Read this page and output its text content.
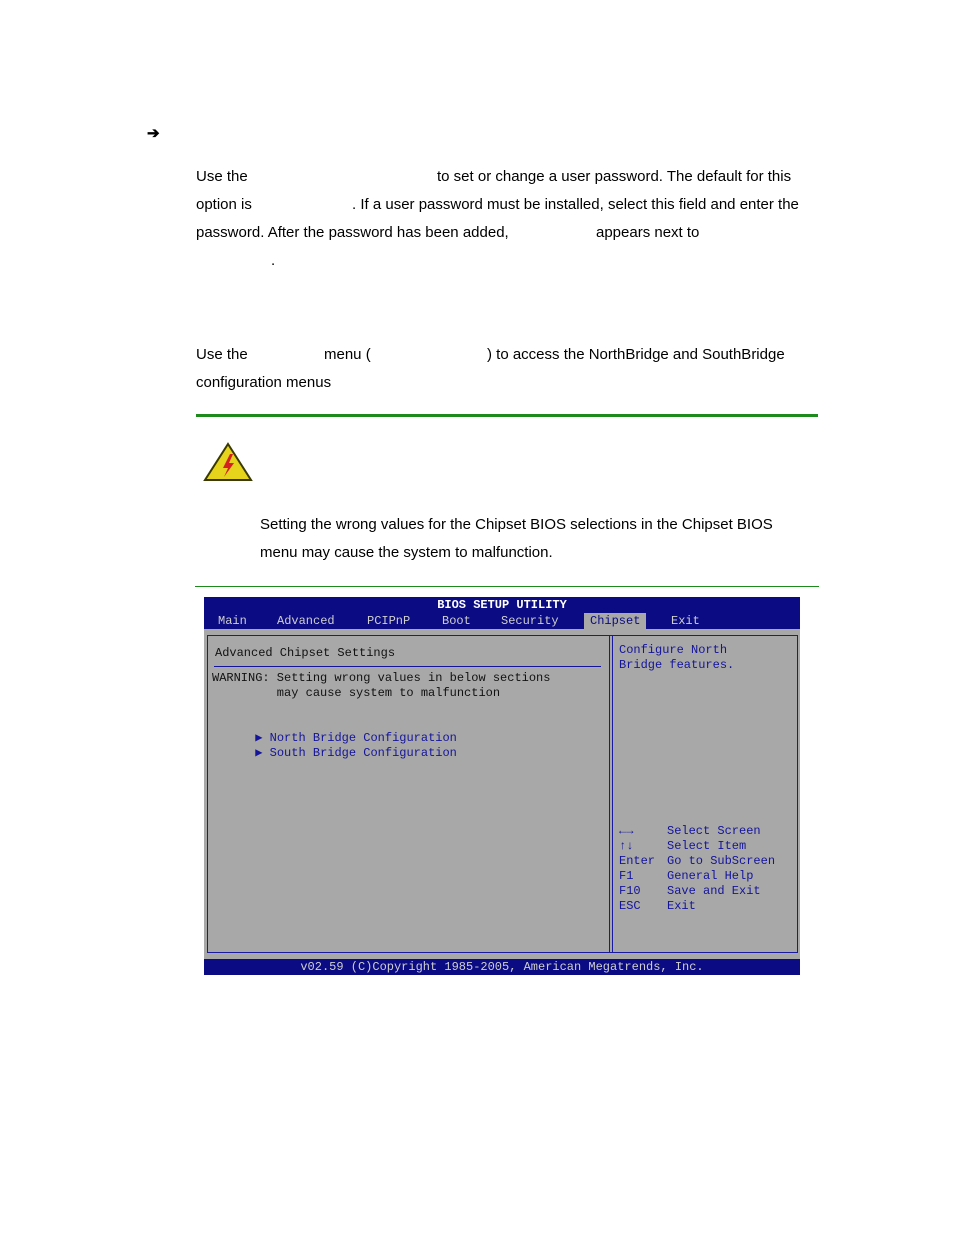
➔
Use the	to set or change a user password. The default for this
option is	. If a user password must be installed, select this field and enter the
password. After the password has been added,	appears next to
.
Use the	menu (	) to access the NorthBridge and SouthBridge
configuration menus
Setting the wrong values for the Chipset BIOS selections in the Chipset BIOS
menu may cause the system to malfunction.
BIOS SETUP UTILITY
Main	Advanced	PCIPnP	Boot	Security	Chipset	Exit
Advanced Chipset Settings
WARNING: Setting wrong values in below sections
may cause system to malfunction

▶ North Bridge Configuration

▶ South Bridge Configuration

Configure North
Bridge features.
←→	Select Screen
↑↓	Select Item
Enter Go to SubScreen
F1	General Help
F10 Save and Exit
ESC Exit
v02.59 (C)Copyright 1985-2005, American Megatrends, Inc.
